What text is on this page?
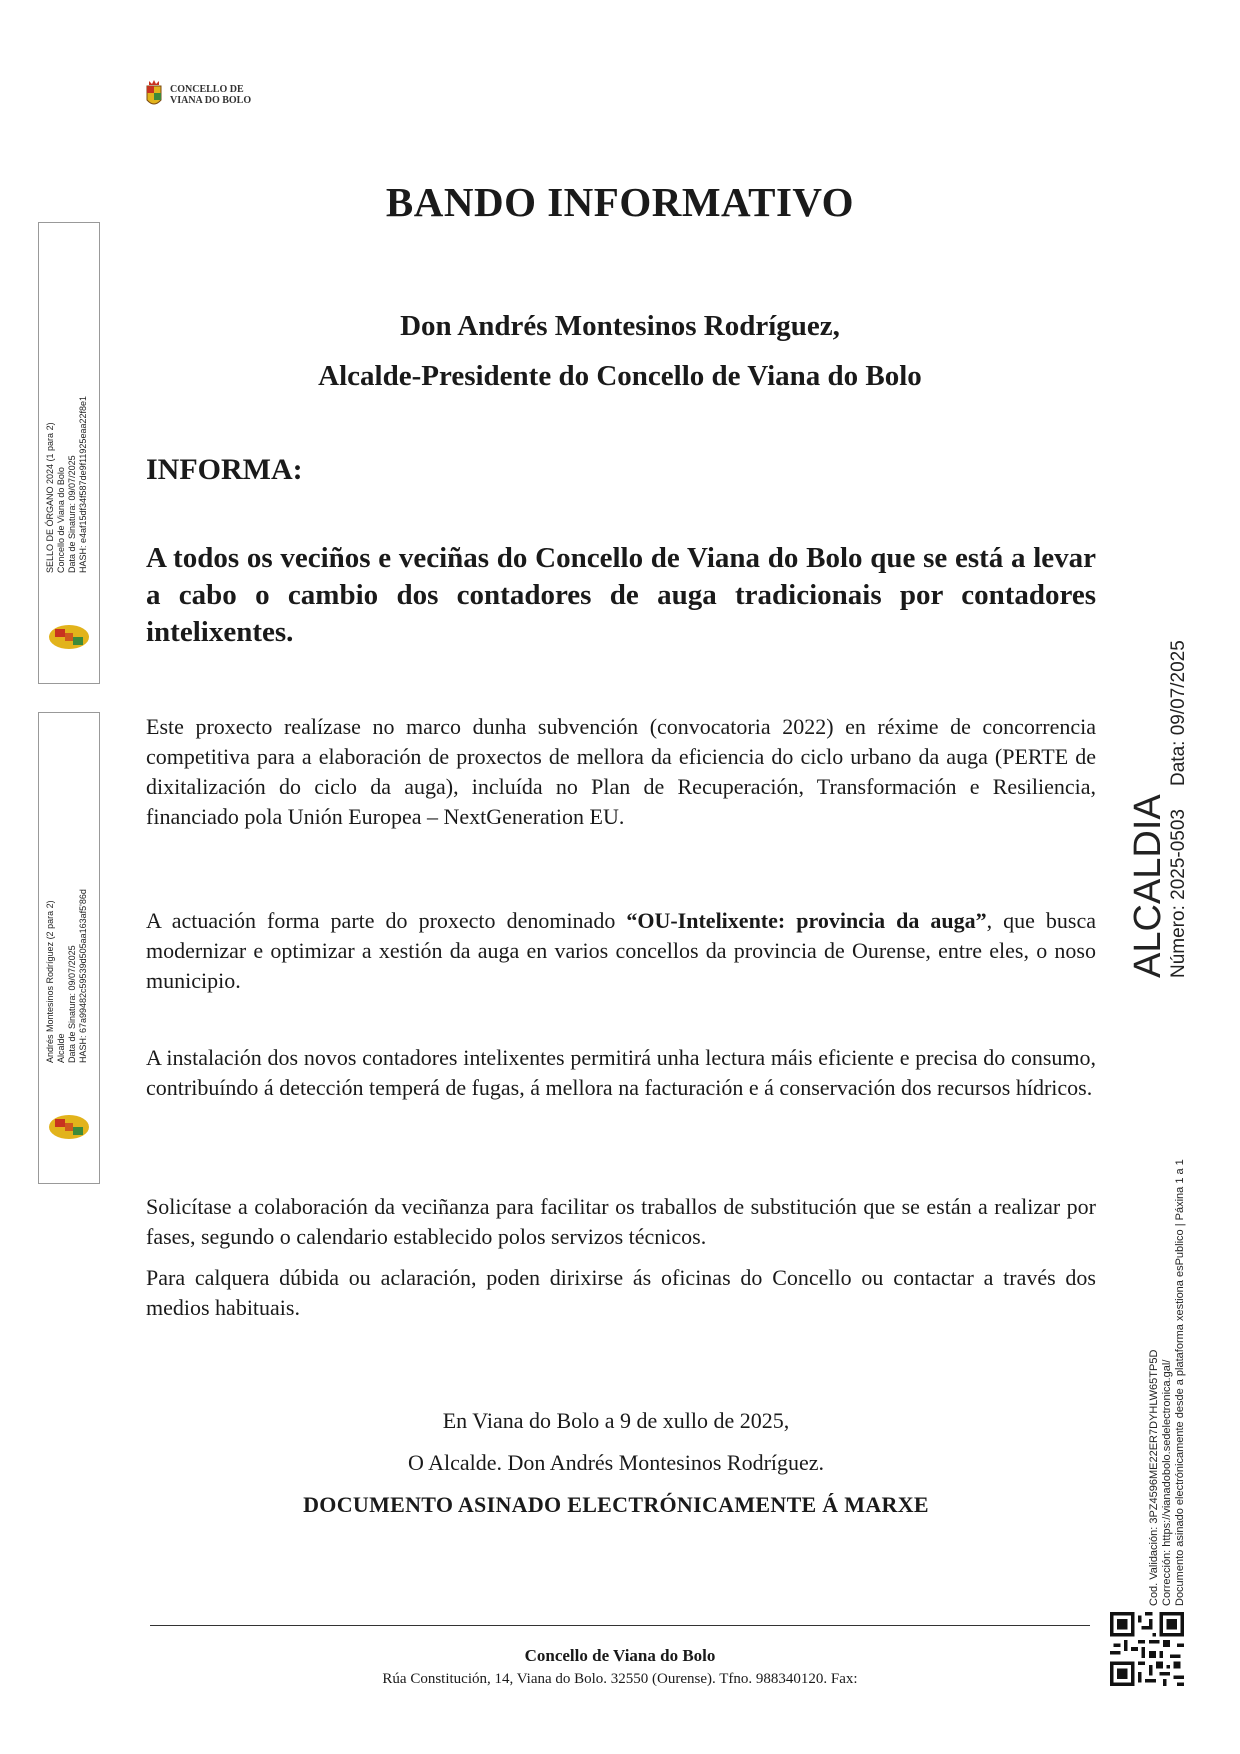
CONCELLO DE
VIANA DO BOLO
BANDO INFORMATIVO
Don Andrés Montesinos Rodríguez,
Alcalde-Presidente do Concello de Viana do Bolo
INFORMA:
A todos os veciños e veciñas do Concello de Viana do Bolo que se está a levar a cabo o cambio dos contadores de auga tradicionais por contadores intelixentes.
Este proxecto realízase no marco dunha subvención (convocatoria 2022) en réxime de concorrencia competitiva para a elaboración de proxectos de mellora da eficiencia do ciclo urbano da auga (PERTE de dixitalización do ciclo da auga), incluída no Plan de Recuperación, Transformación e Resiliencia, financiado pola Unión Europea – NextGeneration EU.
A actuación forma parte do proxecto denominado “OU-Intelixente: provincia da auga”, que busca modernizar e optimizar a xestión da auga en varios concellos da provincia de Ourense, entre eles, o noso municipio.
A instalación dos novos contadores intelixentes permitirá unha lectura máis eficiente e precisa do consumo, contribuíndo á detección temperá de fugas, á mellora na facturación e á conservación dos recursos hídricos.
Solicítase a colaboración da veciñanza para facilitar os traballos de substitución que se están a realizar por fases, segundo o calendario establecido polos servizos técnicos.
Para calquera dúbida ou aclaración, poden dirixirse ás oficinas do Concello ou contactar a través dos medios habituais.
En Viana do Bolo a 9 de xullo de 2025,
O Alcalde. Don Andrés Montesinos Rodríguez.
DOCUMENTO ASINADO ELECTRÓNICAMENTE Á MARXE
SELLO DE ÓRGANO 2024 (1 para 2) Concello de Viana do Bolo Data de Sinatura: 09/07/2025 HASH: e4af15df34f587de9f11925eaa22f8e1
Andrés Montesinos Rodríguez (2 para 2) Alcalde Data de Sinatura: 09/07/2025 HASH: 67a99482c59539d505aa163af5'86d	ALCALDIA Número: 2025-0503
Data: 09/07/2025
Cod. Validación: 3PZ4596ME22ER7DYHLW65TP5D Corrección: https://vianadobolo.sedelectronica.gal/ Documento asinado electrónicamente desde a plataforma xestiona esPublico | Páxina 1 a 1
Concello de Viana do Bolo
Rúa Constitución, 14, Viana do Bolo. 32550 (Ourense). Tfno. 988340120. Fax:
